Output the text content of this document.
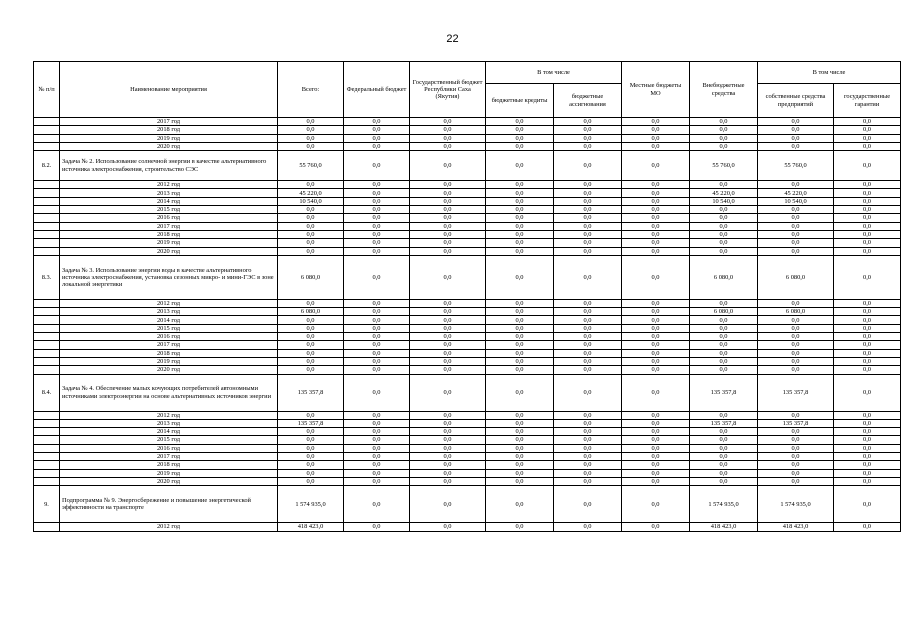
22
№ п/п	Наименование мероприятия	Всего:	Федеральный бюджет	Государственный бюджет Республики Саха (Якутия)	В том числе		Местные бюджеты МО	Внебюджетные средства	В том числе	
					бюджетные кредиты	бюджетные ассигнования			собственные средства предприятий	государственные гарантии
	2017 год	0,0	0,0	0,0	0,0	0,0	0,0	0,0	0,0	0,0
	2018 год	0,0	0,0	0,0	0,0	0,0	0,0	0,0	0,0	0,0
	2019 год	0,0	0,0	0,0	0,0	0,0	0,0	0,0	0,0	0,0
	2020 год	0,0	0,0	0,0	0,0	0,0	0,0	0,0	0,0	0,0
8.2.	Задача № 2. Использование солнечной энергии в качестве альтернативного источника электроснабжения, строительство СЭС	55 760,0	0,0	0,0	0,0	0,0	0,0	55 760,0	55 760,0	0,0
	2012 год	0,0	0,0	0,0	0,0	0,0	0,0	0,0	0,0	0,0
	2013 год	45 220,0	0,0	0,0	0,0	0,0	0,0	45 220,0	45 220,0	0,0
	2014 год	10 540,0	0,0	0,0	0,0	0,0	0,0	10 540,0	10 540,0	0,0
	2015 год	0,0	0,0	0,0	0,0	0,0	0,0	0,0	0,0	0,0
	2016 год	0,0	0,0	0,0	0,0	0,0	0,0	0,0	0,0	0,0
	2017 год	0,0	0,0	0,0	0,0	0,0	0,0	0,0	0,0	0,0
	2018 год	0,0	0,0	0,0	0,0	0,0	0,0	0,0	0,0	0,0
	2019 год	0,0	0,0	0,0	0,0	0,0	0,0	0,0	0,0	0,0
	2020 год	0,0	0,0	0,0	0,0	0,0	0,0	0,0	0,0	0,0
8.3.	Задача № 3. Использование энергии воды в качестве альтернативного источника электроснабжения, установка сезонных микро- и мини-ГЭС в зоне локальной энергетики	6 080,0	0,0	0,0	0,0	0,0	0,0	6 080,0	6 080,0	0,0
	2012 год	0,0	0,0	0,0	0,0	0,0	0,0	0,0	0,0	0,0
	2013 год	6 080,0	0,0	0,0	0,0	0,0	0,0	6 080,0	6 080,0	0,0
	2014 год	0,0	0,0	0,0	0,0	0,0	0,0	0,0	0,0	0,0
	2015 год	0,0	0,0	0,0	0,0	0,0	0,0	0,0	0,0	0,0
	2016 год	0,0	0,0	0,0	0,0	0,0	0,0	0,0	0,0	0,0
	2017 год	0,0	0,0	0,0	0,0	0,0	0,0	0,0	0,0	0,0
	2018 год	0,0	0,0	0,0	0,0	0,0	0,0	0,0	0,0	0,0
	2019 год	0,0	0,0	0,0	0,0	0,0	0,0	0,0	0,0	0,0
	2020 год	0,0	0,0	0,0	0,0	0,0	0,0	0,0	0,0	0,0
8.4.	Задача № 4. Обеспечение малых кочующих потребителей автономными источниками электроэнергии на основе альтернативных источников энергии	135 357,8	0,0	0,0	0,0	0,0	0,0	135 357,8	135 357,8	0,0
	2012 год	0,0	0,0	0,0	0,0	0,0	0,0	0,0	0,0	0,0
	2013 год	135 357,8	0,0	0,0	0,0	0,0	0,0	135 357,8	135 357,8	0,0
	2014 год	0,0	0,0	0,0	0,0	0,0	0,0	0,0	0,0	0,0
	2015 год	0,0	0,0	0,0	0,0	0,0	0,0	0,0	0,0	0,0
	2016 год	0,0	0,0	0,0	0,0	0,0	0,0	0,0	0,0	0,0
	2017 год	0,0	0,0	0,0	0,0	0,0	0,0	0,0	0,0	0,0
	2018 год	0,0	0,0	0,0	0,0	0,0	0,0	0,0	0,0	0,0
	2019 год	0,0	0,0	0,0	0,0	0,0	0,0	0,0	0,0	0,0
	2020 год	0,0	0,0	0,0	0,0	0,0	0,0	0,0	0,0	0,0
9.	Подпрограмма № 9. Энергосбережение и повышение энергетической эффективности на транспорте	1 574 935,0	0,0	0,0	0,0	0,0	0,0	1 574 935,0	1 574 935,0	0,0
	2012 год	418 423,0	0,0	0,0	0,0	0,0	0,0	418 423,0	418 423,0	0,0
